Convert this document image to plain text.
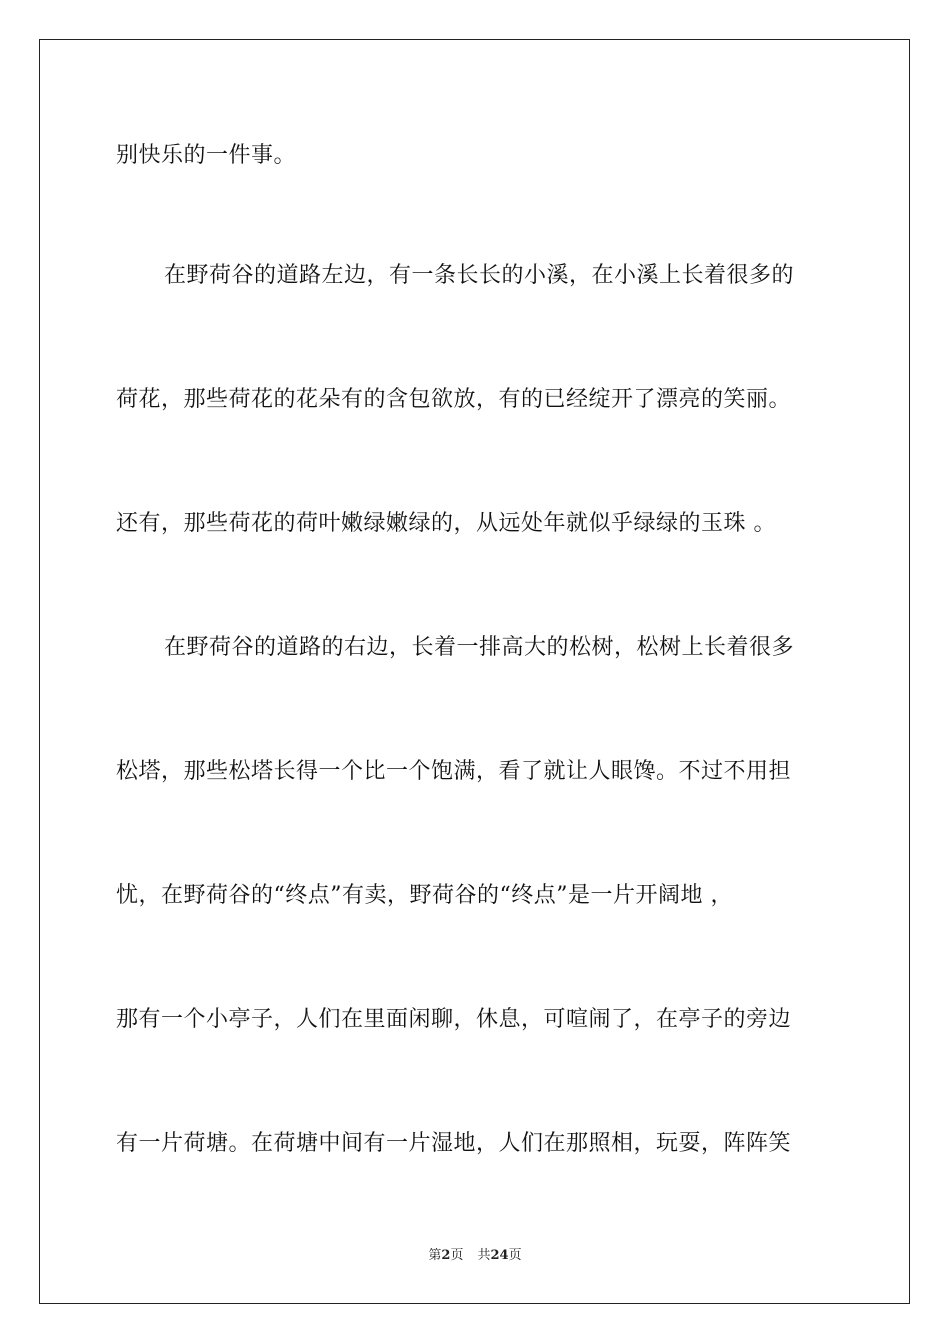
别快乐的一件事。
在野荷谷的道路左边，有一条长长的小溪，在小溪上长着很多的
荷花，那些荷花的花朵有的含包欲放，有的已经绽开了漂亮的笑丽。
还有，那些荷花的荷叶嫩绿嫩绿的，从远处年就似乎绿绿的玉珠 。
在野荷谷的道路的右边，长着一排高大的松树，松树上长着很多
松塔，那些松塔长得一个比一个饱满，看了就让人眼馋。不过不用担
忧，在野荷谷的“终点”有卖，野荷谷的“终点”是一片开阔地 ，
那有一个小亭子，人们在里面闲聊，休息，可喧闹了，在亭子的旁边
有一片荷塘。在荷塘中间有一片湿地，人们在那照相，玩耍，阵阵笑
第2页 共24页
